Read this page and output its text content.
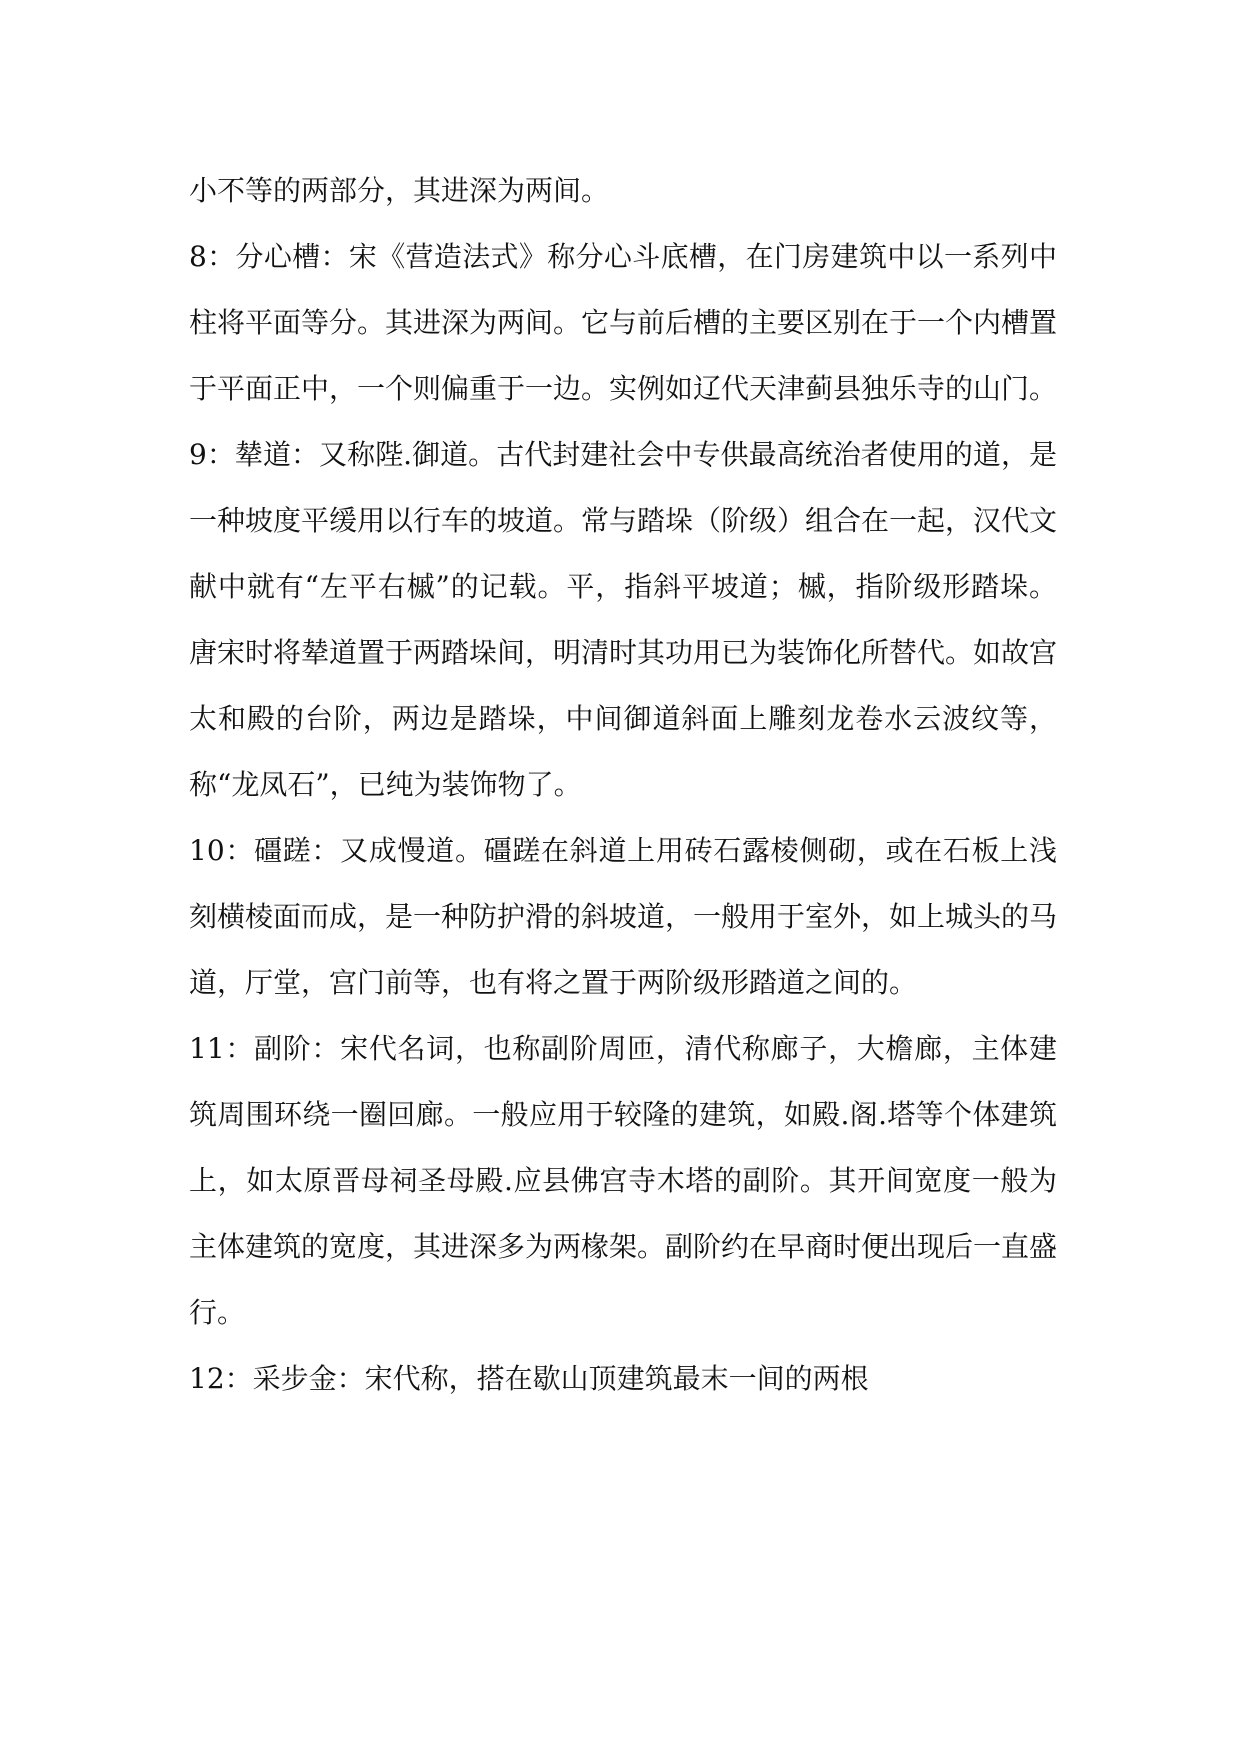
小不等的两部分，其进深为两间。

8：分心槽：宋《营造法式》称分心斗底槽，在门房建筑中以一系列中柱将平面等分。其进深为两间。它与前后槽的主要区别在于一个内槽置于平面正中，一个则偏重于一边。实例如辽代天津蓟县独乐寺的山门。

9：辇道：又称陛.御道。古代封建社会中专供最高统治者使用的道，是一种坡度平缓用以行车的坡道。常与踏垛（阶级）组合在一起，汉代文献中就有“左平右槭”的记载。平，指斜平坡道；槭，指阶级形踏垛。唐宋时将辇道置于两踏垛间，明清时其功用已为装饰化所替代。如故宫太和殿的台阶，两边是踏垛，中间御道斜面上雕刻龙卷水云波纹等，称“龙凤石”，已纯为装饰物了。

10：礓蹉：又成慢道。礓蹉在斜道上用砖石露棱侧砌，或在石板上浅刻横棱面而成，是一种防护滑的斜坡道，一般用于室外，如上城头的马道，厅堂，宫门前等，也有将之置于两阶级形踏道之间的。

11：副阶：宋代名词，也称副阶周匝，清代称廊子，大檐廊，主体建筑周围环绕一圈回廊。一般应用于较隆的建筑，如殿.阁.塔等个体建筑上，如太原晋母祠圣母殿.应县佛宫寺木塔的副阶。其开间宽度一般为主体建筑的宽度，其进深多为两椽架。副阶约在早商时便出现后一直盛行。

12：采步金：宋代称，搭在歇山顶建筑最末一间的两根
